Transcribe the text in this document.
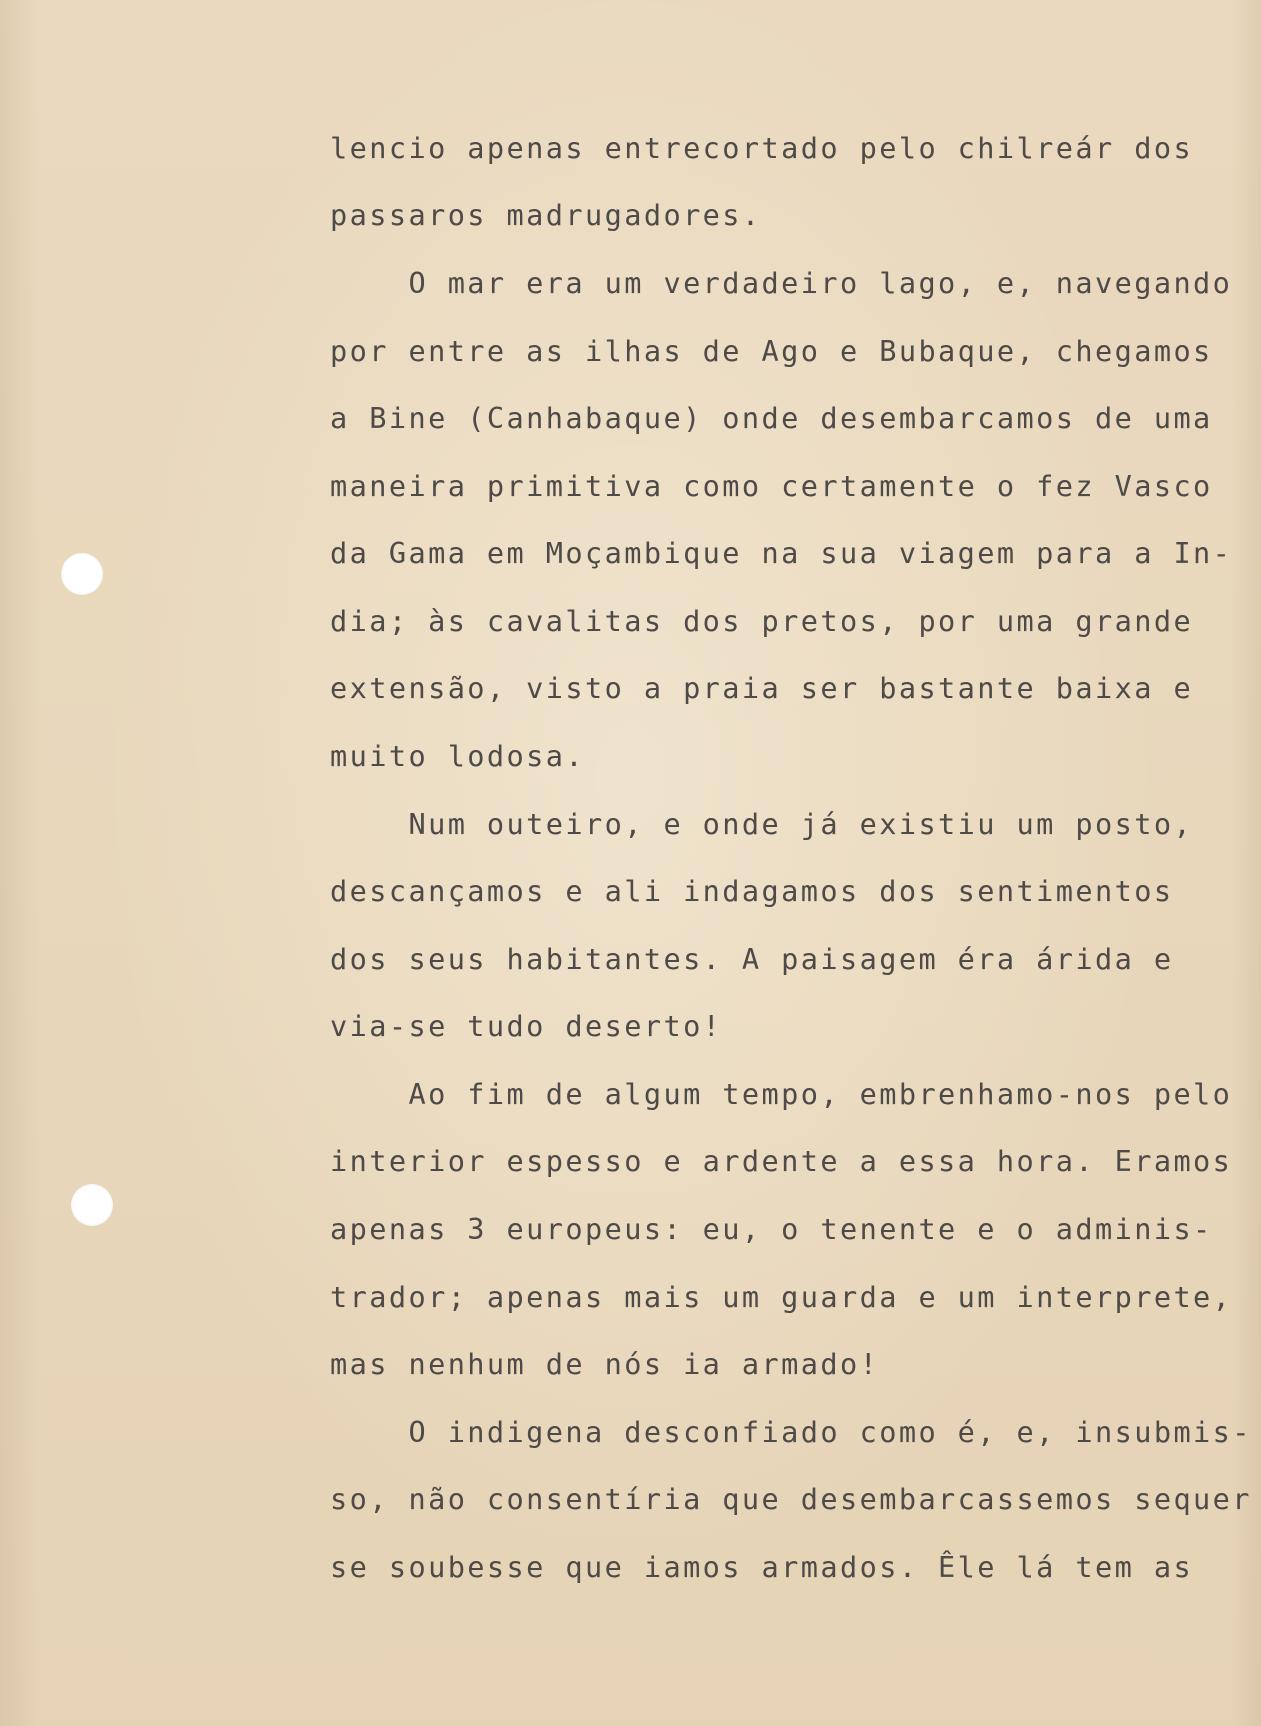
lencio apenas entrecortado pelo chilreár dos
passaros madrugadores.
O mar era um verdadeiro lago, e, navegando
por entre as ilhas de Ago e Bubaque, chegamos
a Bine (Canhabaque) onde desembarcamos de uma
maneira primitiva como certamente o fez Vasco
da Gama em Moçambique na sua viagem para a In-
dia; às cavalitas dos pretos, por uma grande
extensão, visto a praia ser bastante baixa e
muito lodosa.
Num outeiro, e onde já existiu um posto,
descançamos e ali indagamos dos sentimentos
dos seus habitantes. A paisagem éra árida e
via-se tudo deserto!
Ao fim de algum tempo, embrenhamo-nos pelo
interior espesso e ardente a essa hora. Eramos
apenas 3 europeus: eu, o tenente e o adminis-
trador; apenas mais um guarda e um interprete,
mas nenhum de nós ia armado!
O indigena desconfiado como é, e, insubmis-
so, não consentíria que desembarcassemos sequer
se soubesse que iamos armados. Êle lá tem as
